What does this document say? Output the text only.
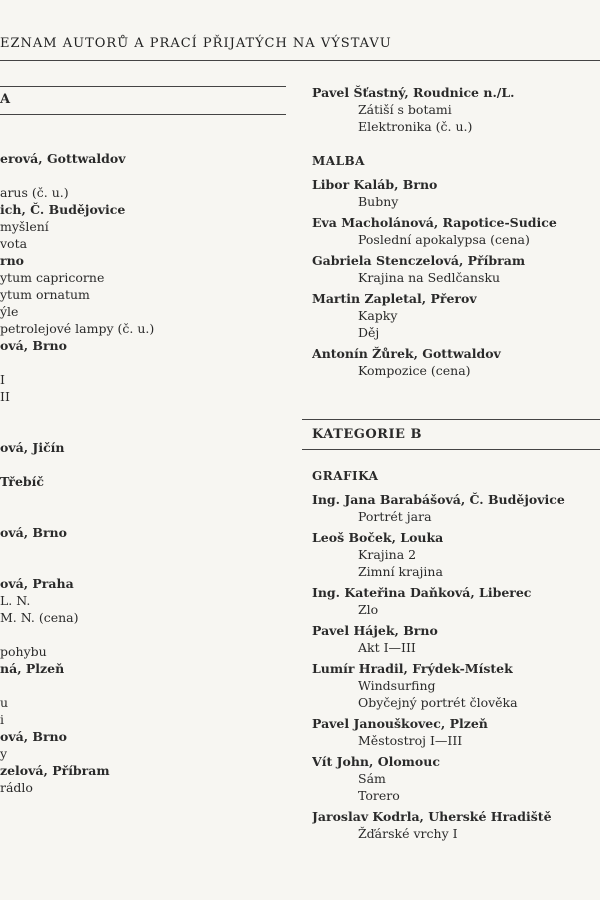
EZNAM AUTORŮ A PRACÍ PŘIJATÝCH NA VÝSTAVU
A
erová, Gottwaldov
arus (č. u.)
ich, Č. Budějovice
myšlení
vota
rno
ytum capricorne
ytum ornatum
ýle
petrolejové lampy (č. u.)
ová, Brno
I
II
ová, Jičín
Třebíč
ová, Brno
ová, Praha
L. N.
M. N. (cena)
pohybu
ná, Plzeň
u
i
ová, Brno
y
zelová, Příbram
rádlo
Pavel Šťastný, Roudnice n./L.
Zátiší s botami
Elektronika (č. u.)
MALBA
Libor Kaláb, Brno
Bubny
Eva Macholánová, Rapotice-Sudice
Poslední apokalypsa (cena)
Gabriela Stenczelová, Příbram
Krajina na Sedlčansku
Martin Zapletal, Přerov
Kapky
Děj
Antonín Žůrek, Gottwaldov
Kompozice (cena)
KATEGORIE B
GRAFIKA
Ing. Jana Barabášová, Č. Budějovice
Portrét jara
Leoš Boček, Louka
Krajina 2
Zimní krajina
Ing. Kateřina Daňková, Liberec
Zlo
Pavel Hájek, Brno
Akt I—III
Lumír Hradil, Frýdek-Místek
Windsurfing
Obyčejný portrét člověka
Pavel Janouškovec, Plzeň
Městostroj I—III
Vít John, Olomouc
Sám
Torero
Jaroslav Kodrla, Uherské Hradiště
Žďárské vrchy I
